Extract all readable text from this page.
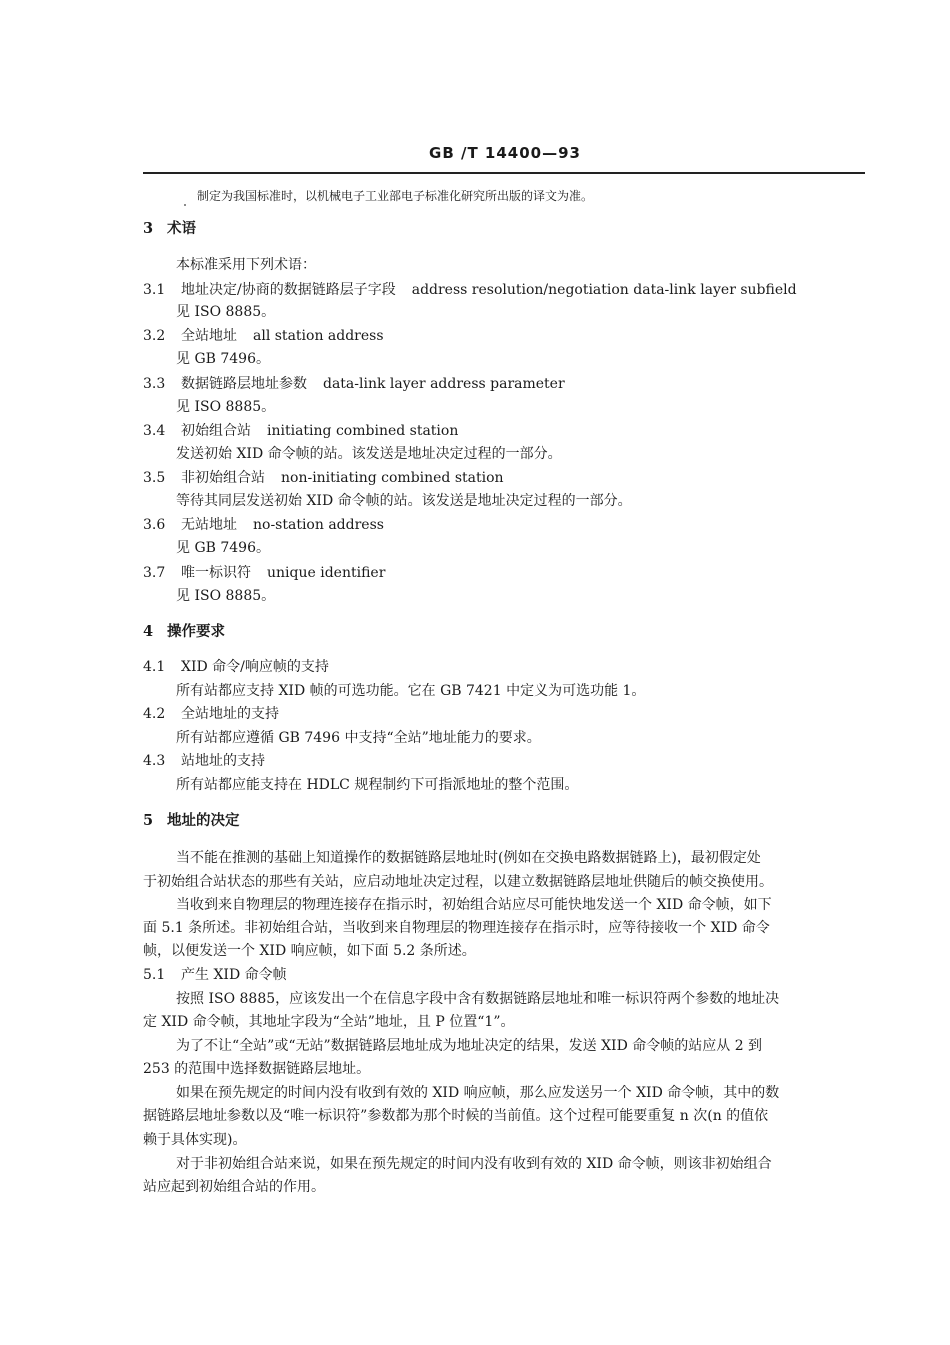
GB /T 14400—93
制定为我国标准时，以机械电子工业部电子标准化研究所出版的译文为准。
3 术语
本标准采用下列术语：
3.1 地址决定/协商的数据链路层子字段 address resolution/negotiation data-link layer subfield
见 ISO 8885。
3.2 全站地址 all station address
见 GB 7496。
3.3 数据链路层地址参数 data-link layer address parameter
见 ISO 8885。
3.4 初始组合站 initiating combined station
发送初始 XID 命令帧的站。该发送是地址决定过程的一部分。
3.5 非初始组合站 non-initiating combined station
等待其同层发送初始 XID 命令帧的站。该发送是地址决定过程的一部分。
3.6 无站地址 no-station address
见 GB 7496。
3.7 唯一标识符 unique identifier
见 ISO 8885。
4 操作要求
4.1 XID 命令/响应帧的支持
所有站都应支持 XID 帧的可选功能。它在 GB 7421 中定义为可选功能 1。
4.2 全站地址的支持
所有站都应遵循 GB 7496 中支持“全站”地址能力的要求。
4.3 站地址的支持
所有站都应能支持在 HDLC 规程制约下可指派地址的整个范围。
5 地址的决定
当不能在推测的基础上知道操作的数据链路层地址时(例如在交换电路数据链路上)，最初假定处
于初始组合站状态的那些有关站，应启动地址决定过程，以建立数据链路层地址供随后的帧交换使用。
当收到来自物理层的物理连接存在指示时，初始组合站应尽可能快地发送一个 XID 命令帧，如下
面 5.1 条所述。非初始组合站，当收到来自物理层的物理连接存在指示时，应等待接收一个 XID 命令
帧，以便发送一个 XID 响应帧，如下面 5.2 条所述。
5.1 产生 XID 命令帧
按照 ISO 8885，应该发出一个在信息字段中含有数据链路层地址和唯一标识符两个参数的地址决
定 XID 命令帧，其地址字段为“全站”地址，且 P 位置“1”。
为了不让“全站”或“无站”数据链路层地址成为地址决定的结果，发送 XID 命令帧的站应从 2 到
253 的范围中选择数据链路层地址。
如果在预先规定的时间内没有收到有效的 XID 响应帧，那么应发送另一个 XID 命令帧，其中的数
据链路层地址参数以及“唯一标识符”参数都为那个时候的当前值。这个过程可能要重复 n 次(n 的值依
赖于具体实现)。
对于非初始组合站来说，如果在预先规定的时间内没有收到有效的 XID 命令帧，则该非初始组合
站应起到初始组合站的作用。
